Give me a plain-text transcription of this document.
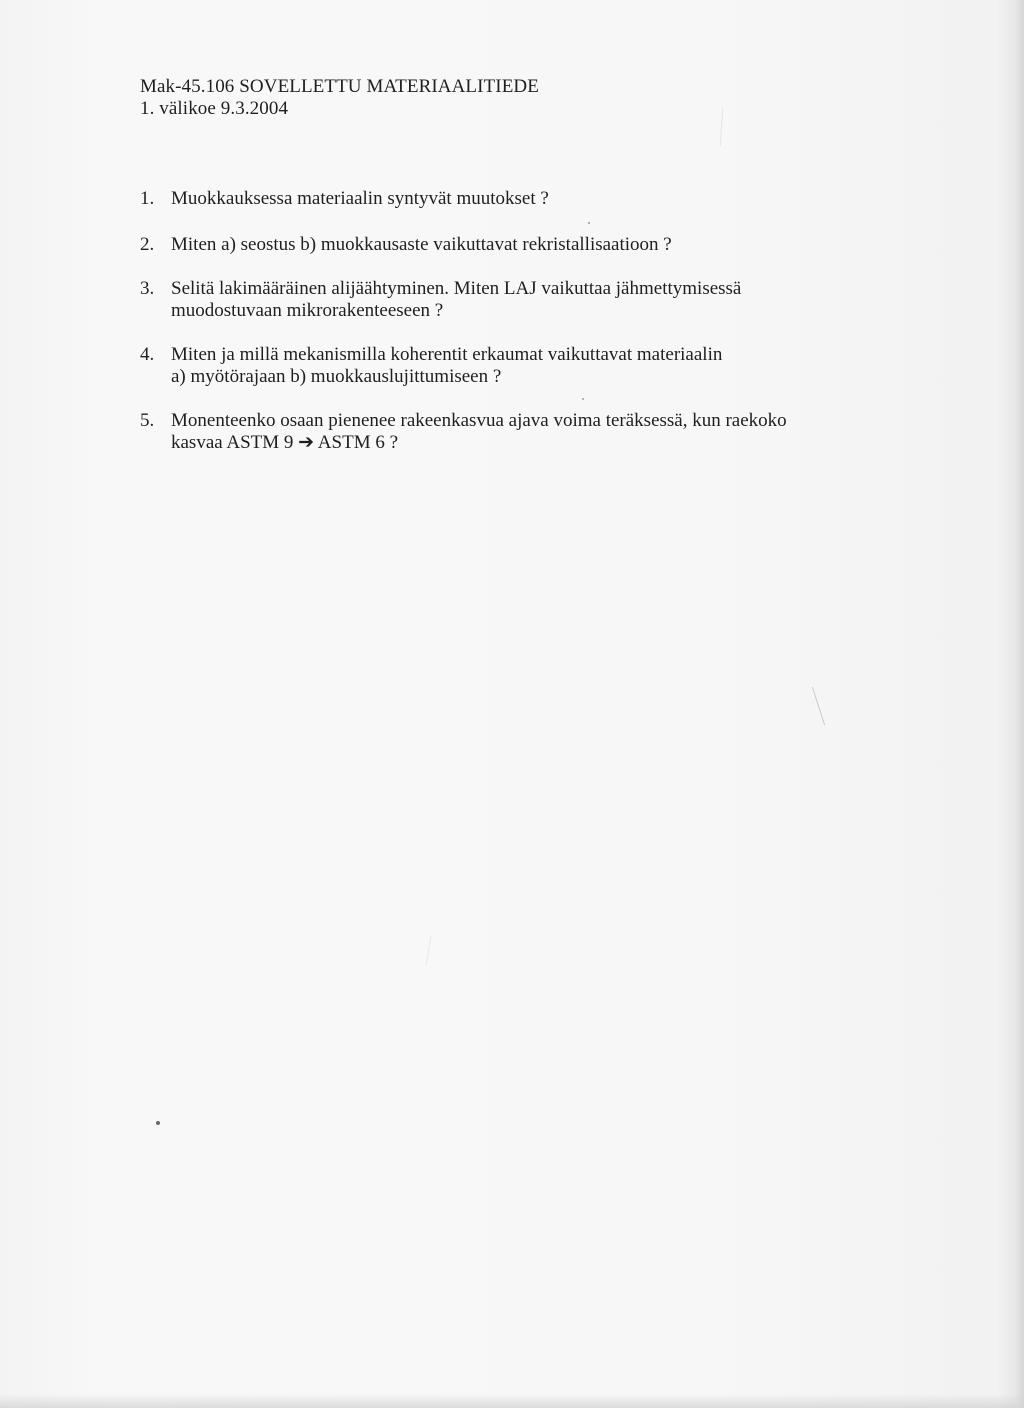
Mak-45.106 SOVELLETTU MATERIAALITIEDE
1. välikoe 9.3.2004
1. Muokkauksessa materiaalin syntyvät muutokset ?
2. Miten a) seostus b) muokkausaste vaikuttavat rekristallisaatioon ?
3. Selitä lakimääräinen alijäähtyminen. Miten LAJ vaikuttaa jähmettymisessä
muodostuvaan mikrorakenteeseen ?
4. Miten ja millä mekanismilla koherentit erkaumat vaikuttavat materiaalin
a) myötörajaan b) muokkauslujittumiseen ?
5. Monenteenko osaan pienenee rakeenkasvua ajava voima teräksessä, kun raekoko
kasvaa ASTM 9 ➔ ASTM 6 ?
